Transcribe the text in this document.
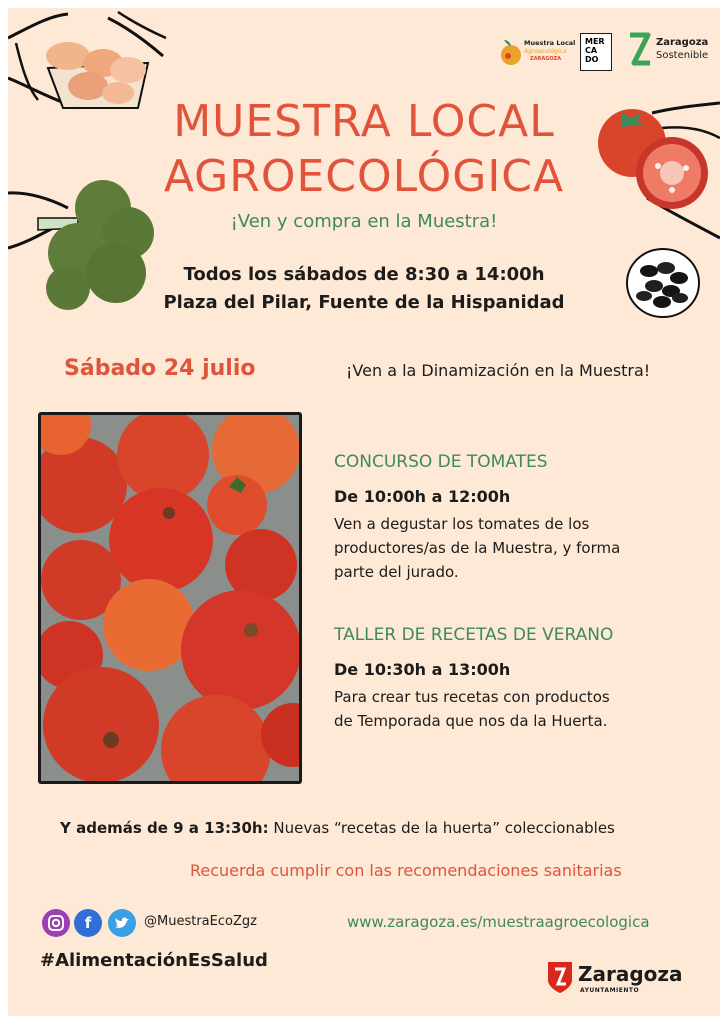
Muestra Local
Agroecológica
ZARAGOZA
MER
CA
DO
Zaragoza
Sostenible
MUESTRA LOCAL
AGROECOLÓGICA
¡Ven y compra en la Muestra!
Todos los sábados de 8:30 a 14:00h
Plaza del Pilar, Fuente de la Hispanidad
Sábado 24 julio	¡Ven a la Dinamización en la Muestra!
CONCURSO DE TOMATES
De 10:00h a 12:00h
Ven a degustar los tomates de los
productores/as de la Muestra, y forma
parte del jurado.
TALLER DE RECETAS DE VERANO
De 10:30h a 13:00h
Para crear tus recetas con productos
de Temporada que nos da la Huerta.
Y además de 9 a 13:30h: Nuevas “recetas de la huerta” coleccionables
Recuerda cumplir con las recomendaciones sanitarias
f	@MuestraEcoZgz	www.zaragoza.es/muestraagroecologica
#AlimentaciónEsSalud
Zaragoza
AYUNTAMIENTO
